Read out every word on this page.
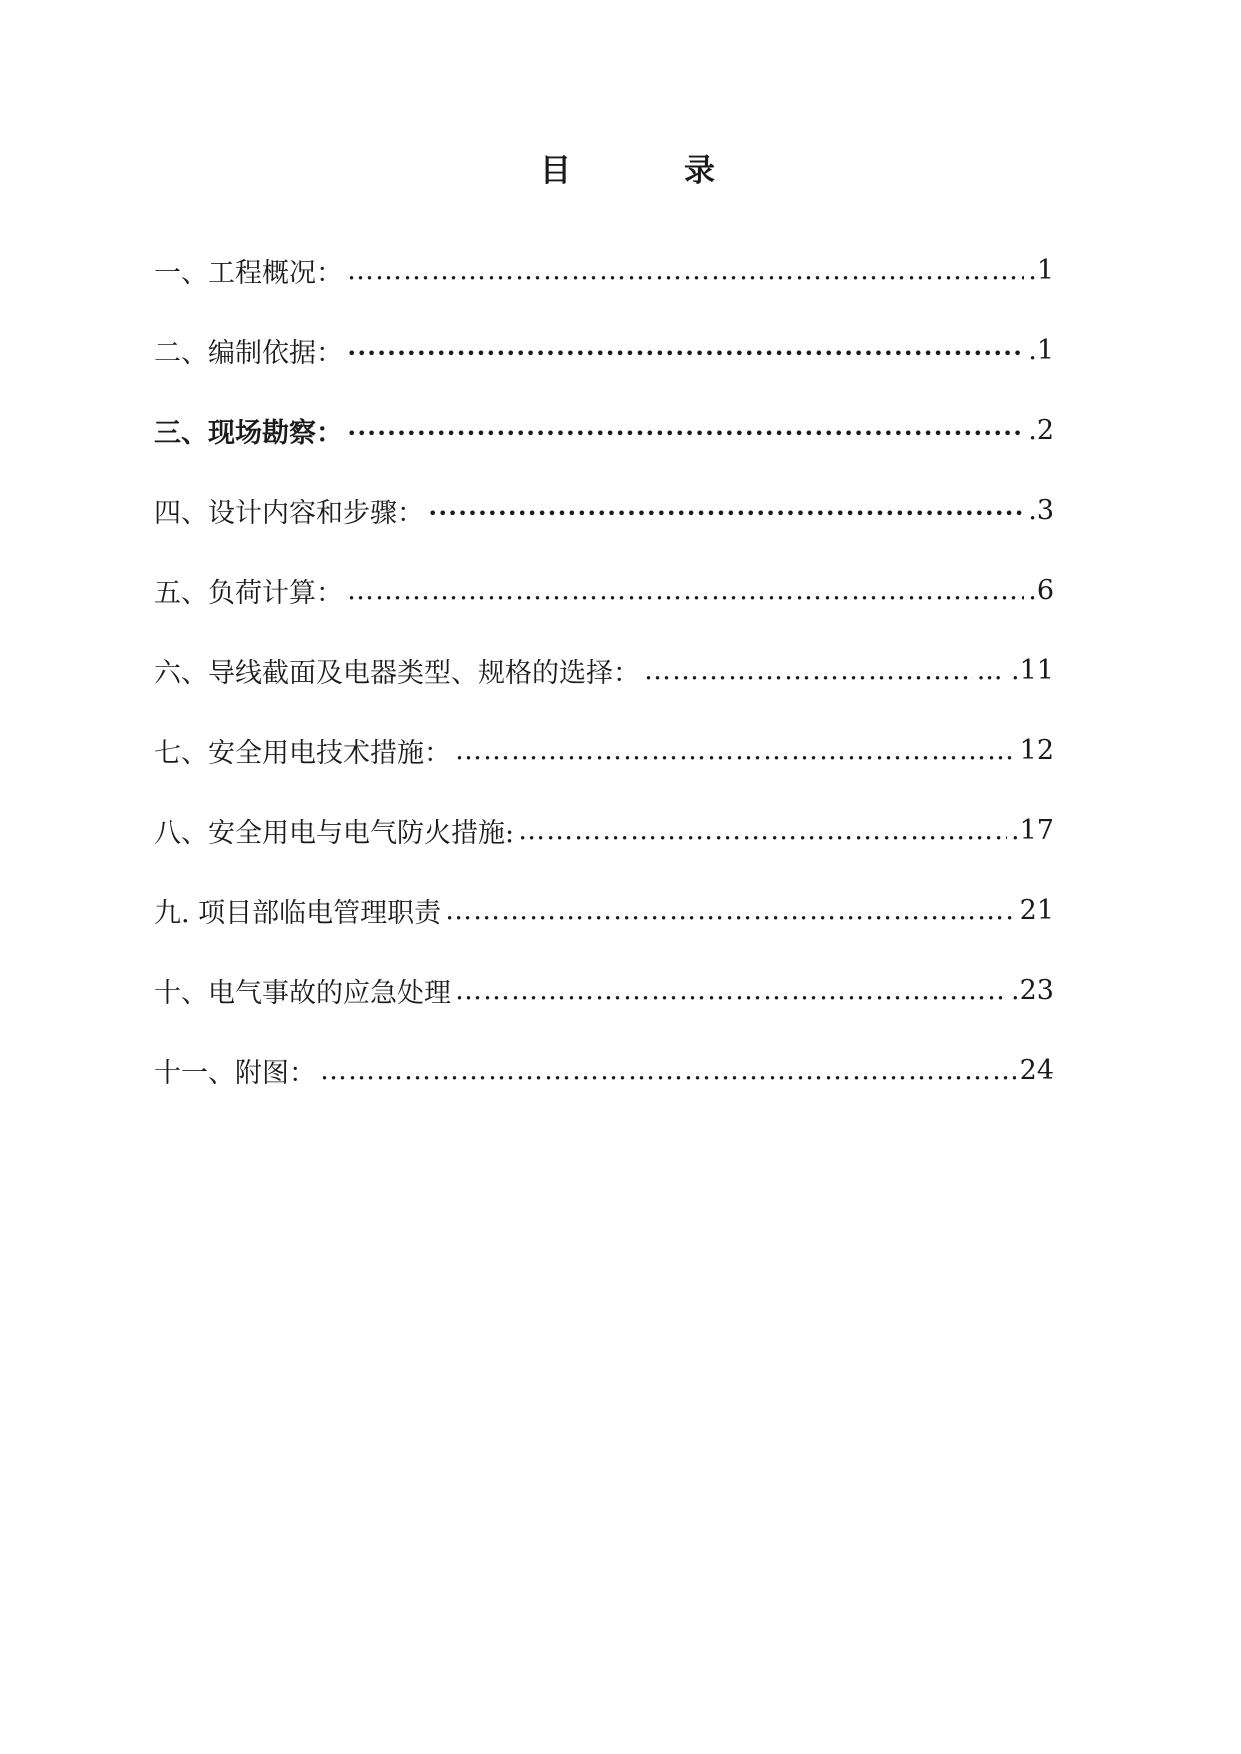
目	录
一、工程概况： …………………………………………………………………………………………………………………………………………………………………………………………	.1
二、编制依据： •••••	.1
三、现场勘察： •••••	.2
四、设计内容和步骤： •••••	.3
五、负荷计算： …………………………………………………………………………………………………………………………………………………………………………………………	.6
六、导线截面及电器类型、规格的选择： …………………………………………………………………………………………………………………………………………………………………………………………	... .11
七、安全用电技术措施： …………………………………………………………………………………………………………………………………………………………………………………………	12
八、安全用电与电气防火措施: …………………………………………………………………………………………………………………………………………………………………………………………	.17
九. 项目部临电管理职责 …………………………………………………………………………………………………………………………………………………………………………………………	21
十、电气事故的应急处理 …………………………………………………………………………………………………………………………………………………………………………………………	.23
十一、附图： …………………………………………………………………………………………………………………………………………………………………………………………	24
